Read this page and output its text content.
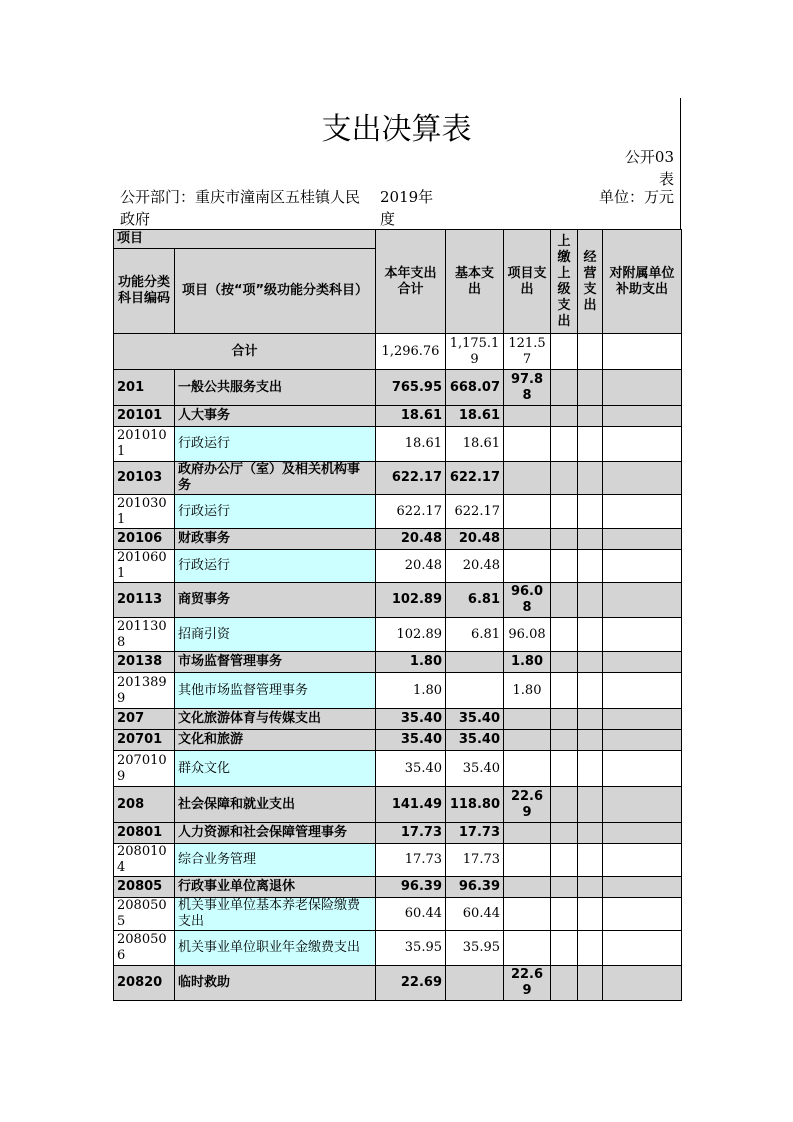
支出决算表
公开03表
公开部门：重庆市潼南区五桂镇人民政府
2019年度
单位：万元
项目		本年支出合计	基本支出	项目支出	上缴上级支出	经营支出	对附属单位补助支出
功能分类科目编码	项目（按“项”级功能分类科目）						
合计		1,296.76	1,175.19	121.57			
201	一般公共服务支出	765.95	668.07	97.88			
20101	人大事务	18.61	18.61				
2010101	行政运行	18.61	18.61				
20103	政府办公厅（室）及相关机构事务	622.17	622.17				
2010301	行政运行	622.17	622.17				
20106	财政事务	20.48	20.48				
2010601	行政运行	20.48	20.48				
20113	商贸事务	102.89	6.81	96.08			
2011308	招商引资	102.89	6.81	96.08			
20138	市场监督管理事务	1.80		1.80			
2013899	其他市场监督管理事务	1.80		1.80			
207	文化旅游体育与传媒支出	35.40	35.40				
20701	文化和旅游	35.40	35.40				
2070109	群众文化	35.40	35.40				
208	社会保障和就业支出	141.49	118.80	22.69			
20801	人力资源和社会保障管理事务	17.73	17.73				
2080104	综合业务管理	17.73	17.73				
20805	行政事业单位离退休	96.39	96.39				
2080505	机关事业单位基本养老保险缴费支出	60.44	60.44				
2080506	机关事业单位职业年金缴费支出	35.95	35.95				
20820	临时救助	22.69		22.69			
